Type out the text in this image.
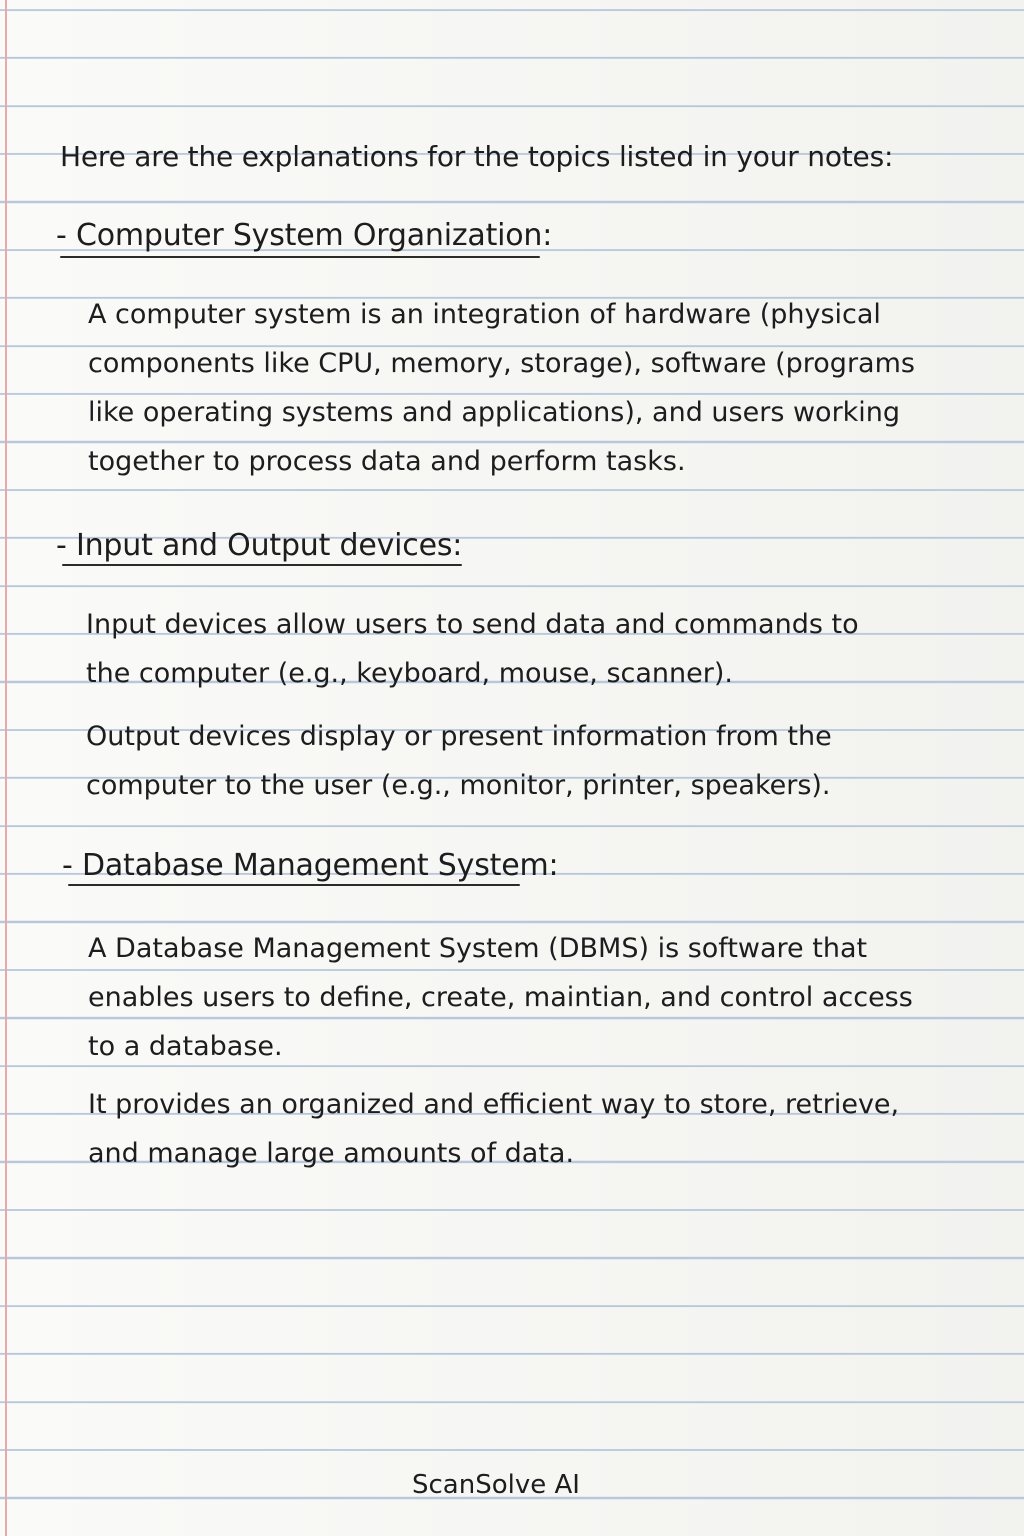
Here are the explanations for the topics listed in your notes:
- Computer System Organization:
A computer system is an integration of hardware (physical
components like CPU, memory, storage), software (programs
like operating systems and applications), and users working
together to process data and perform tasks.
- Input and Output devices:
Input devices allow users to send data and commands to
the computer (e.g., keyboard, mouse, scanner).
Output devices display or present information from the
computer to the user (e.g., monitor, printer, speakers).
- Database Management System:
A Database Management System (DBMS) is software that
enables users to define, create, maintian, and control access
to a database.
It provides an organized and efficient way to store, retrieve,
and manage large amounts of data.
ScanSolve AI
